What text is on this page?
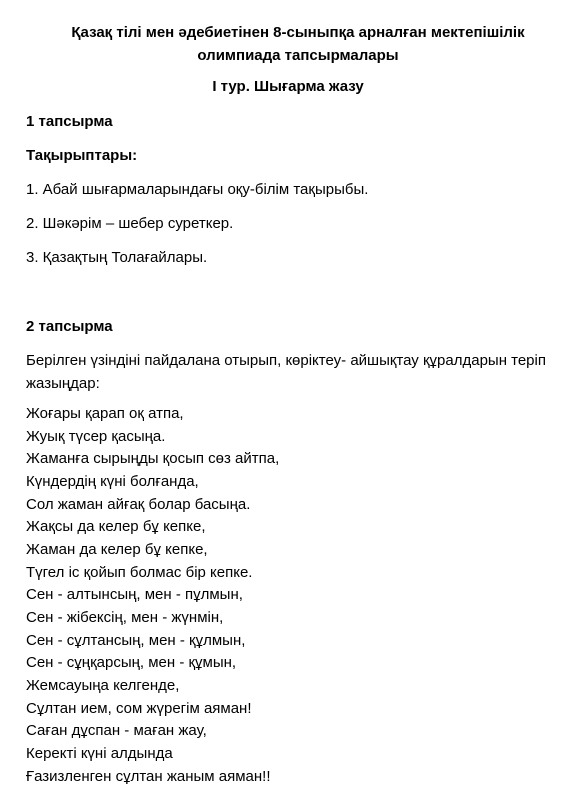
Қазақ тілі мен әдебиетінен 8-сыныпқа арналған мектепішілік
олимпиада тапсырмалары
І тур. Шығарма жазу
1 тапсырма
Тақырыптары:
1. Абай шығармаларындағы оқу-білім тақырыбы.
2. Шәкәрім – шебер суреткер.
3. Қазақтың Толағайлары.
2 тапсырма
Берілген үзіндіні пайдалана отырып, көріктеу- айшықтау құралдарын теріп жазыңдар:
Жоғары қарап оқ атпа,
Жуық түсер қасыңа.
Жаманға сырыңды қосып сөз айтпа,
Күндердің күні болғанда,
Сол жаман айғақ болар басыңа.
Жақсы да келер бұ кепке,
Жаман да келер бұ кепке,
Түгел іс қойып болмас бір кепке.
Сен - алтынсың, мен - пұлмын,
Сен - жібексің, мен - жүнмін,
Сен - сұлтансың, мен - құлмын,
Сен - сұңқарсың, мен - құмын,
Жемсауыңа келгенде,
Сұлтан ием, сом жүрегім аяман!
Саған дұспан - маған жау,
Керекті күні алдында
Ғазизленген сұлтан жаным аяман!!
